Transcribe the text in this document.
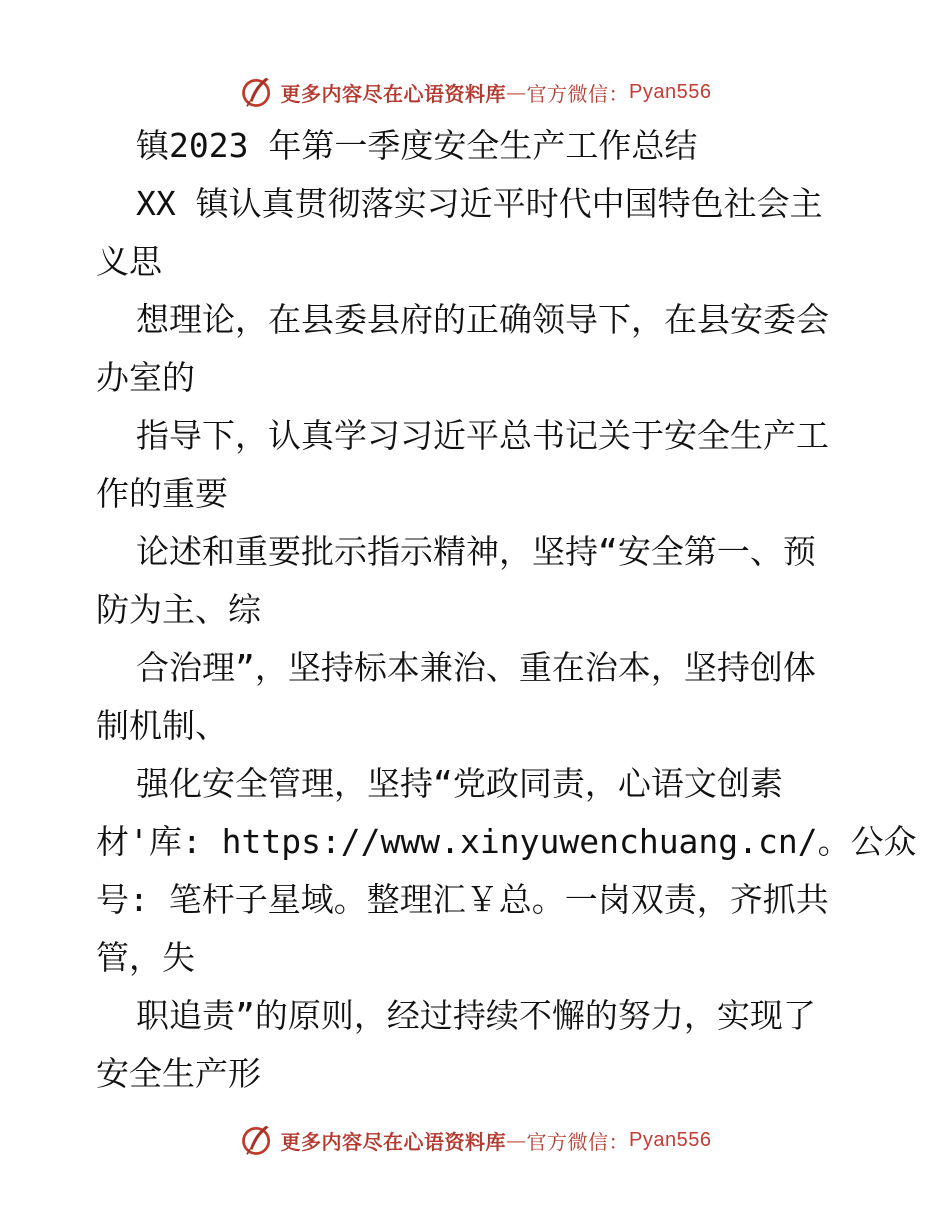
更多内容尽在心语资料库 — 官方微信： Pyan556
镇2023 年第一季度安全生产工作总结
XX 镇认真贯彻落实习近平时代中国特色社会主
义思
想理论，在县委县府的正确领导下，在县安委会
办室的
指导下，认真学习习近平总书记关于安全生产工
作的重要
论述和重要批示指示精神，坚持“安全第一、预
防为主、综
合治理”，坚持标本兼治、重在治本，坚持创体
制机制、
强化安全管理，坚持“党政同责，心语文创素
材'库: https://www.xinyuwenchuang.cn/。公众
号: 笔杆子星域。整理汇￥总。一岗双责，齐抓共
管，失
职追责”的原则，经过持续不懈的努力，实现了
安全生产形
更多内容尽在心语资料库 — 官方微信： Pyan556
